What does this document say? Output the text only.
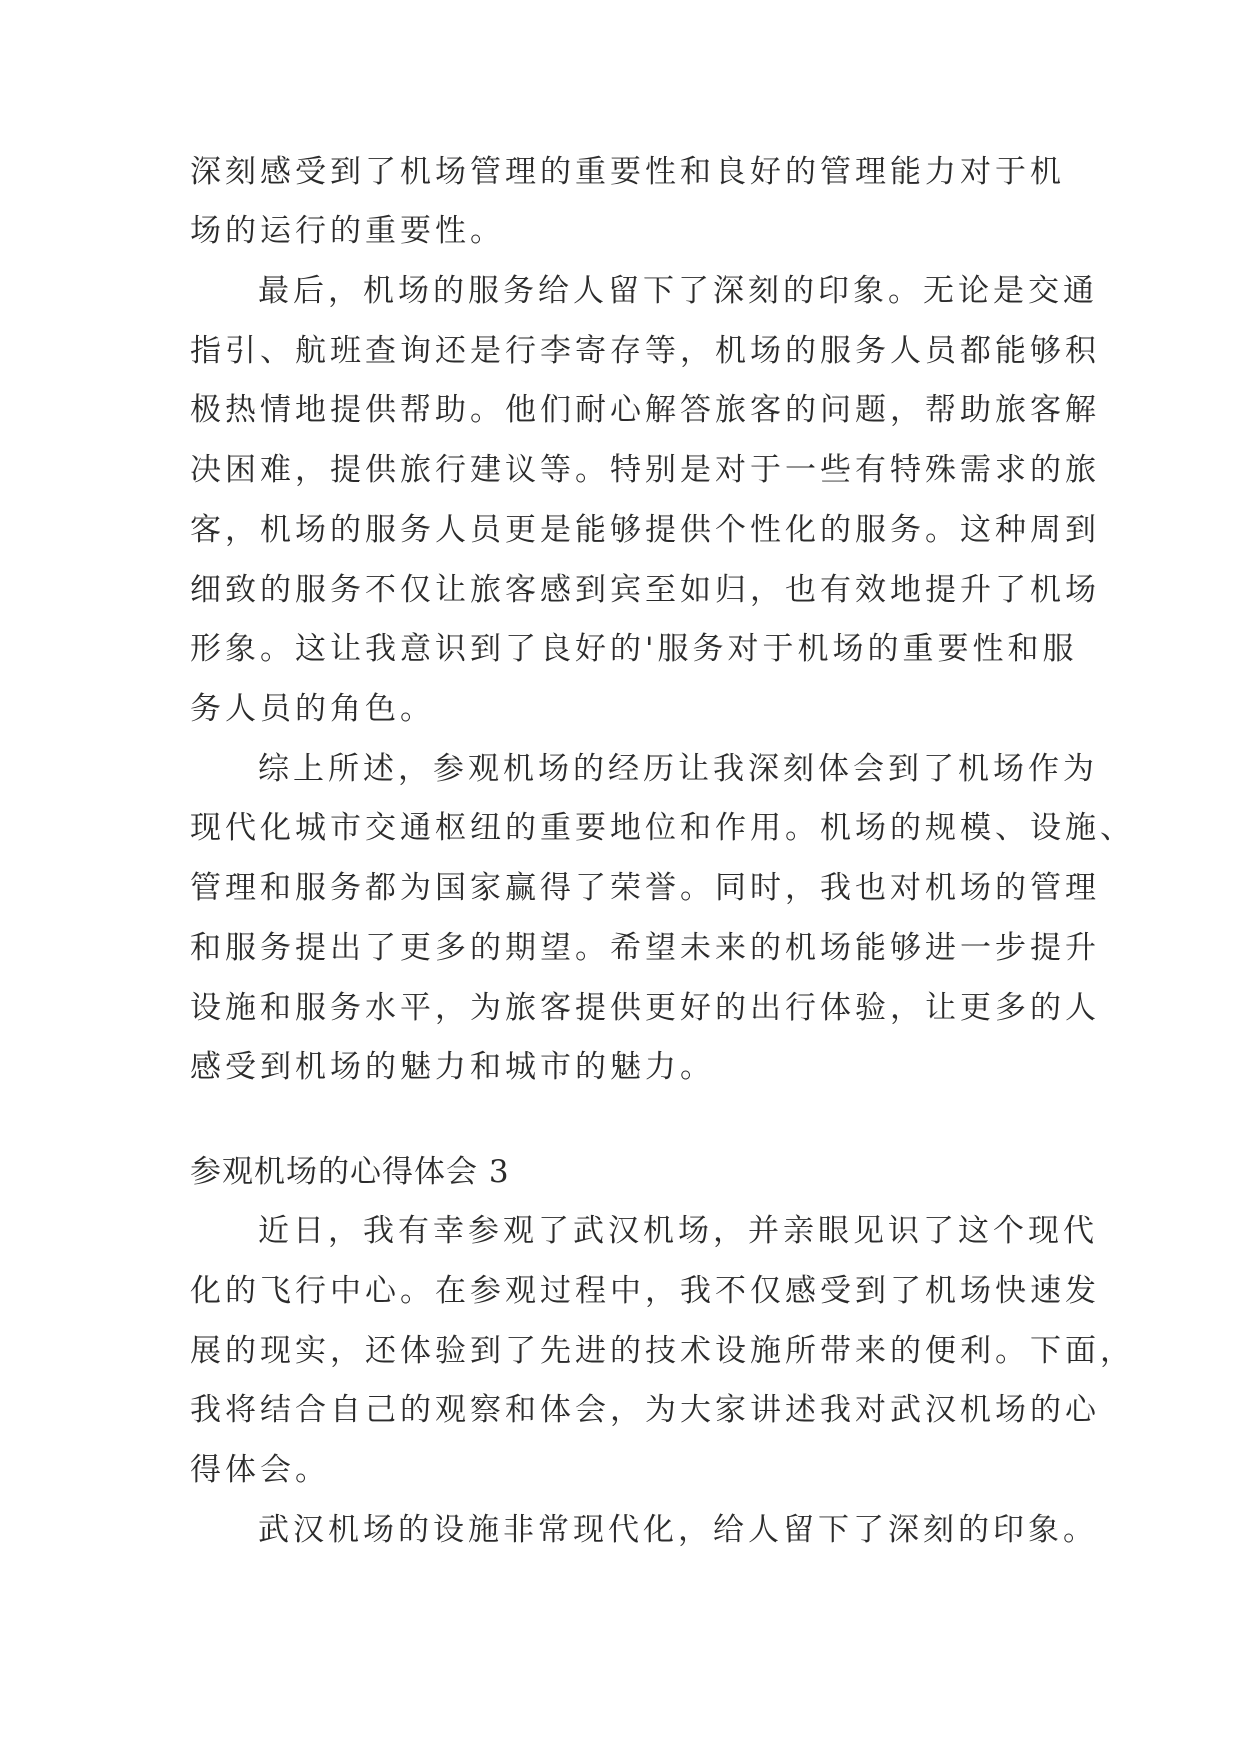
深刻感受到了机场管理的重要性和良好的管理能力对于机
场的运行的重要性。
最后，机场的服务给人留下了深刻的印象。无论是交通
指引、航班查询还是行李寄存等，机场的服务人员都能够积
极热情地提供帮助。他们耐心解答旅客的问题，帮助旅客解
决困难，提供旅行建议等。特别是对于一些有特殊需求的旅
客，机场的服务人员更是能够提供个性化的服务。这种周到
细致的服务不仅让旅客感到宾至如归，也有效地提升了机场
形象。这让我意识到了良好的'服务对于机场的重要性和服
务人员的角色。
综上所述，参观机场的经历让我深刻体会到了机场作为
现代化城市交通枢纽的重要地位和作用。机场的规模、设施、
管理和服务都为国家赢得了荣誉。同时，我也对机场的管理
和服务提出了更多的期望。希望未来的机场能够进一步提升
设施和服务水平，为旅客提供更好的出行体验，让更多的人
感受到机场的魅力和城市的魅力。
参观机场的心得体会 3
近日，我有幸参观了武汉机场，并亲眼见识了这个现代
化的飞行中心。在参观过程中，我不仅感受到了机场快速发
展的现实，还体验到了先进的技术设施所带来的便利。下面，
我将结合自己的观察和体会，为大家讲述我对武汉机场的心
得体会。
武汉机场的设施非常现代化，给人留下了深刻的印象。
